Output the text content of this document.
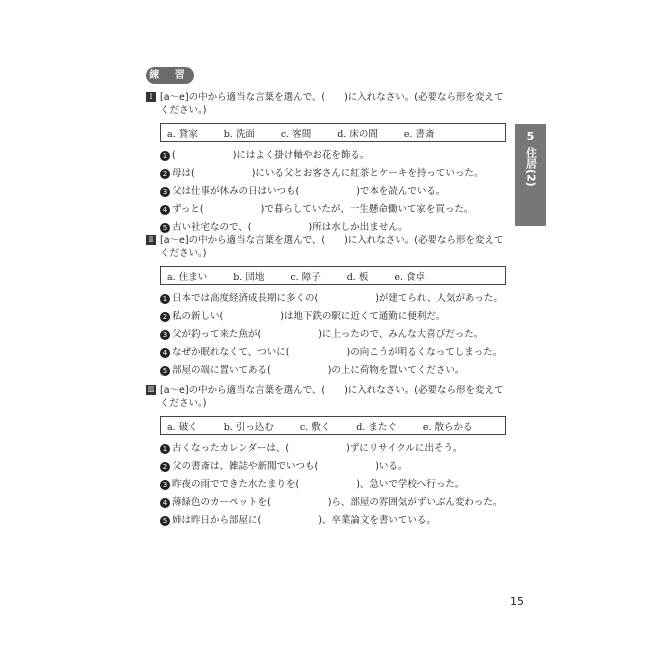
練 習
5
住居(2)
Ⅰ [a～e]の中から適当な言葉を選んで、(　　)に入れなさい。(必要なら形を変えてください。)
a. 貸家	b. 洗面	c. 客間	d. 床の間	e. 書斎
1 (　　　　　　)にはよく掛け軸やお花を飾る。
2 母は(　　　　　　)にいる父とお客さんに紅茶とケーキを持っていった。
3 父は仕事が休みの日はいつも(　　　　　　)で本を読んでいる。
4 ずっと(　　　　　　)で暮らしていたが、一生懸命働いて家を買った。
5 古い社宅なので、(　　　　　　)所は水しか出ません。
Ⅱ [a～e]の中から適当な言葉を選んで、(　　)に入れなさい。(必要なら形を変えてください。)
a. 住まい	b. 団地	c. 障子	d. 板	e. 食卓
1 日本では高度経済成長期に多くの(　　　　　　)が建てられ、人気があった。
2 私の新しい(　　　　　　)は地下鉄の駅に近くて通勤に便利だ。
3 父が釣って来た魚が(　　　　　　)に上ったので、みんな大喜びだった。
4 なぜか眠れなくて、ついに(　　　　　　)の向こうが明るくなってしまった。
5 部屋の端に置いてある(　　　　　　)の上に荷物を置いてください。
Ⅲ [a～e]の中から適当な言葉を選んで、(　　)に入れなさい。(必要なら形を変えてください。)
a. 破く	b. 引っ込む	c. 敷く	d. またぐ	e. 散らかる
1 古くなったカレンダーは、(　　　　　　)ずにリサイクルに出そう。
2 父の書斎は、雑誌や新聞でいつも(　　　　　　)いる。
3 昨夜の雨でできた水たまりを(　　　　　　)、急いで学校へ行った。
4 薄緑色のカーペットを(　　　　　　)ら、部屋の雰囲気がずいぶん変わった。
5 姉は昨日から部屋に(　　　　　　)、卒業論文を書いている。
15
